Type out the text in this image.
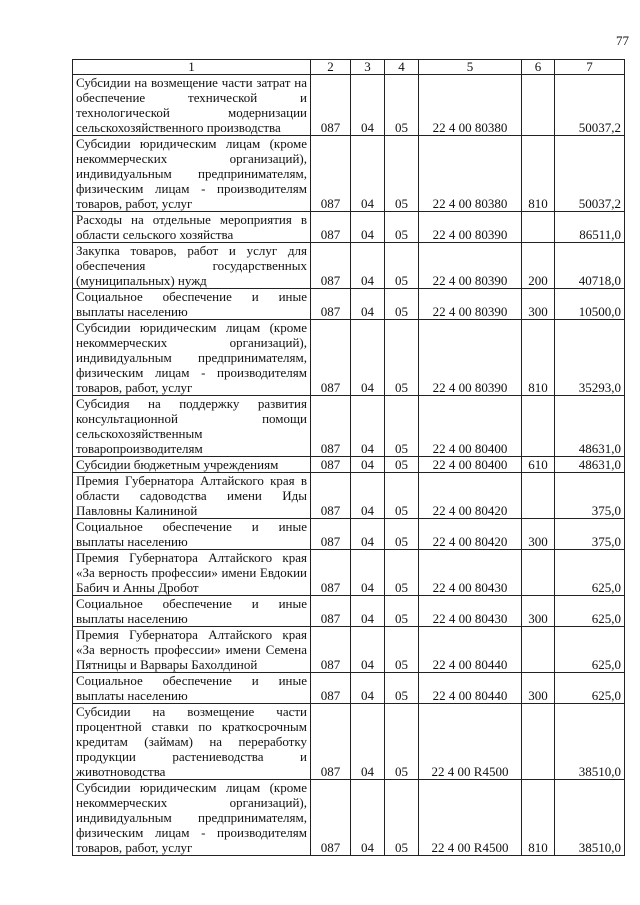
77
1	2	3	4	5	6	7
Субсидии на возмещение части затрат на обеспечение технической и технологической модернизации сельскохозяйственного производства	087	04	05	22 4 00 80380		50037,2
Субсидии юридическим лицам (кроме некоммерческих организаций), индивидуальным предпринимателям, физическим лицам - производителям товаров, работ, услуг	087	04	05	22 4 00 80380	810	50037,2
Расходы на отдельные мероприятия в области сельского хозяйства	087	04	05	22 4 00 80390		86511,0
Закупка товаров, работ и услуг для обеспечения государственных (муниципальных) нужд	087	04	05	22 4 00 80390	200	40718,0
Социальное обеспечение и иные выплаты населению	087	04	05	22 4 00 80390	300	10500,0
Субсидии юридическим лицам (кроме некоммерческих организаций), индивидуальным предпринимателям, физическим лицам - производителям товаров, работ, услуг	087	04	05	22 4 00 80390	810	35293,0
Субсидия на поддержку развития консультационной помощи сельскохозяйственным товаропроизводителям	087	04	05	22 4 00 80400		48631,0
Субсидии бюджетным учреждениям	087	04	05	22 4 00 80400	610	48631,0
Премия Губернатора Алтайского края в области садоводства имени Иды Павловны Калининой	087	04	05	22 4 00 80420		375,0
Социальное обеспечение и иные выплаты населению	087	04	05	22 4 00 80420	300	375,0
Премия Губернатора Алтайского края «За верность профессии» имени Евдокии Бабич и Анны Дробот	087	04	05	22 4 00 80430		625,0
Социальное обеспечение и иные выплаты населению	087	04	05	22 4 00 80430	300	625,0
Премия Губернатора Алтайского края «За верность профессии» имени Семена Пятницы и Варвары Бахолдиной	087	04	05	22 4 00 80440		625,0
Социальное обеспечение и иные выплаты населению	087	04	05	22 4 00 80440	300	625,0
Субсидии на возмещение части процентной ставки по краткосрочным кредитам (займам) на переработку продукции растениеводства и животноводства	087	04	05	22 4 00 R4500		38510,0
Субсидии юридическим лицам (кроме некоммерческих организаций), индивидуальным предпринимателям, физическим лицам - производителям товаров, работ, услуг	087	04	05	22 4 00 R4500	810	38510,0
